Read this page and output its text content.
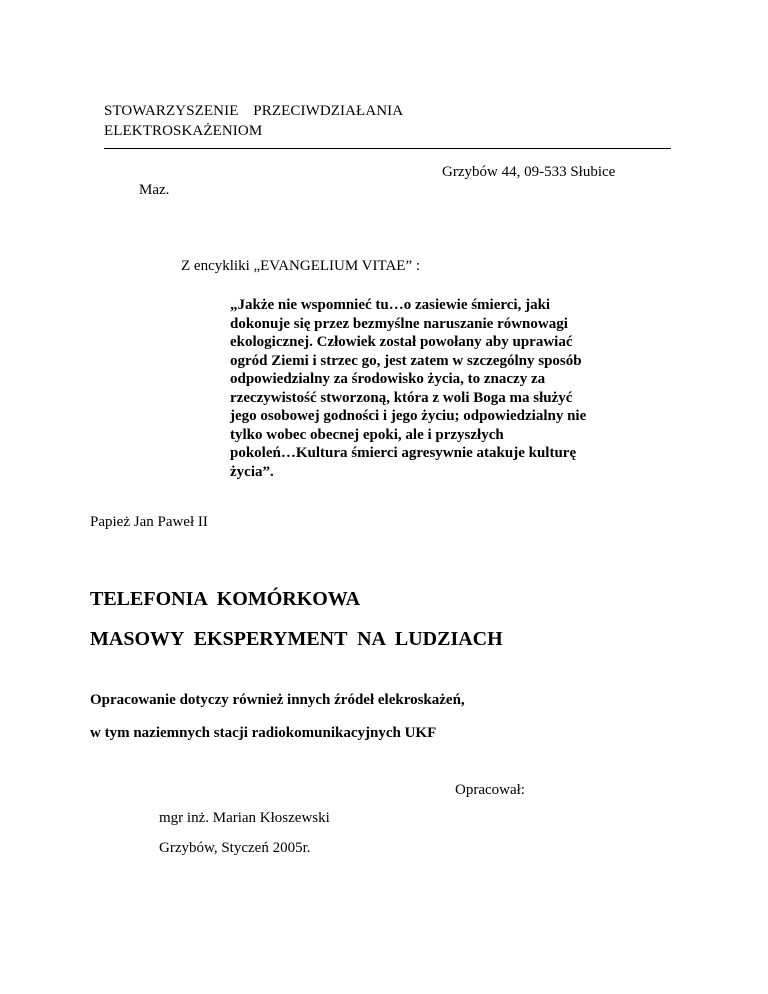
STOWARZYSZENIE PRZECIWDZIAŁANIA
ELEKTROSKAŻENIOM
Grzybów 44, 09-533 Słubice
Maz.
Z encykliki „EVANGELIUM VITAE” :
„Jakże nie wspomnieć tu…o zasiewie śmierci, jaki
dokonuje się przez bezmyślne naruszanie równowagi
ekologicznej. Człowiek został powołany aby uprawiać
ogród Ziemi i strzec go, jest zatem w szczególny sposób
odpowiedzialny za środowisko życia, to znaczy za
rzeczywistość stworzoną, która z woli Boga ma służyć
jego osobowej godności i jego życiu; odpowiedzialny nie
tylko wobec obecnej epoki, ale i przyszłych
pokoleń…Kultura śmierci agresywnie atakuje kulturę
życia”.
Papież Jan Paweł II
TELEFONIA KOMÓRKOWA
MASOWY EKSPERYMENT NA LUDZIACH
Opracowanie dotyczy również innych źródeł elekroskażeń,
w tym naziemnych stacji radiokomunikacyjnych UKF
Opracował:
mgr inż. Marian Kłoszewski
Grzybów, Styczeń 2005r.
